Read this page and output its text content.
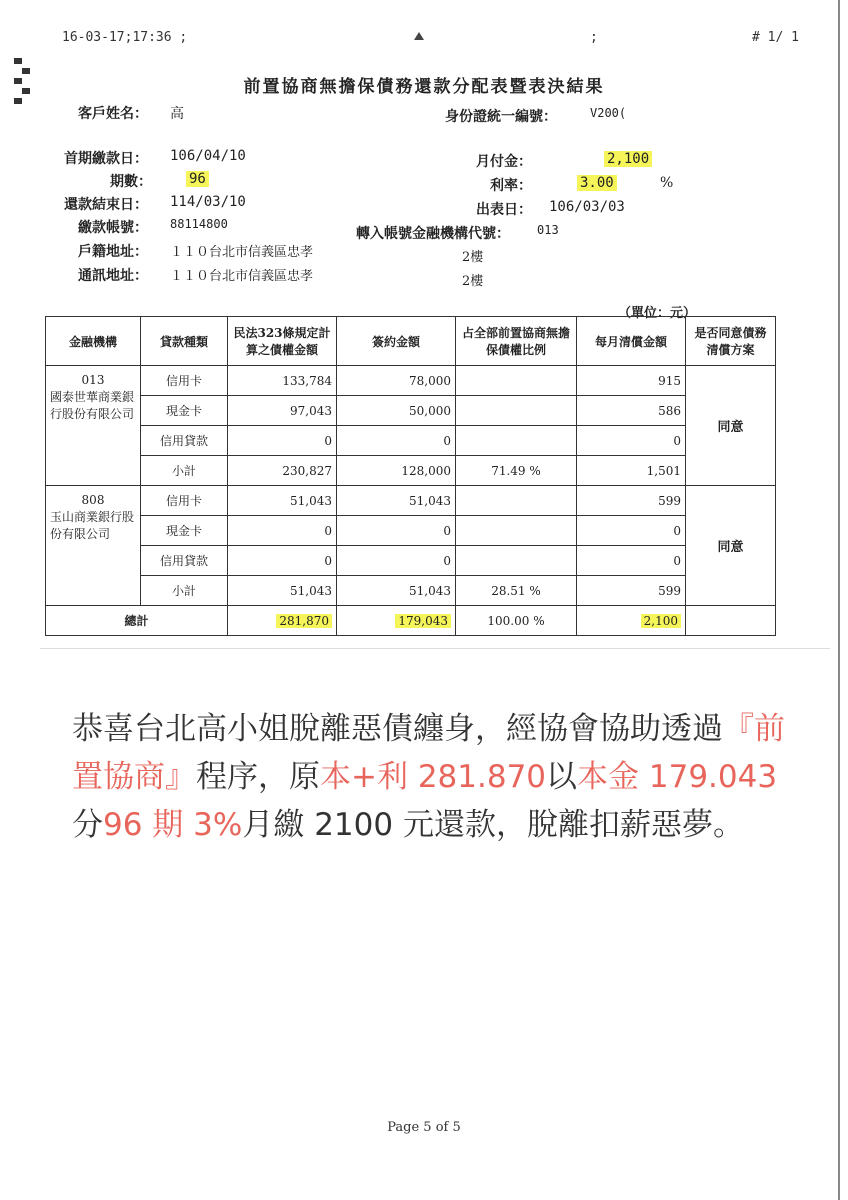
16-03-17;17:36 ;	;	# 1/ 1
前置協商無擔保債務還款分配表暨表決結果
客戶姓名： 高	身份證統一編號：	V200(
首期繳款日： 106/04/10
期數：	96
還款結束日： 114/03/10
繳款帳號： 88114800
戶籍地址： １１０台北市信義區忠孝
通訊地址： １１０台北市信義區忠孝
月付金：	2,100
利率：	3.00	%
出表日： 106/03/03
轉入帳號金融機構代號： 013
2樓
2樓
（單位：元）
金融機構	貸款種類	民法323條規定計算之債權金額	簽約金額	占全部前置協商無擔保債權比例	每月清償金額	是否同意債務清償方案

013
國泰世華商業銀行股份有限公司	信用卡	133,784	78,000		915	同意
	現金卡	97,043	50,000		586	
	信用貸款	0	0		0	
	小計	230,827	128,000	71.49 %	1,501	

808
玉山商業銀行股份有限公司	信用卡	51,043	51,043		599	同意
	現金卡	0	0		0	
	信用貸款	0	0		0	
	小計	51,043	51,043	28.51 %	599	
總計		281,870	179,043	100.00 %	2,100	
恭喜台北高小姐脫離惡債纏身，經協會協助透過『前置協商』程序，原本+利 281.870以本金 179.043分96 期 3%月繳 2100 元還款，脫離扣薪惡夢。
Page 5 of 5
